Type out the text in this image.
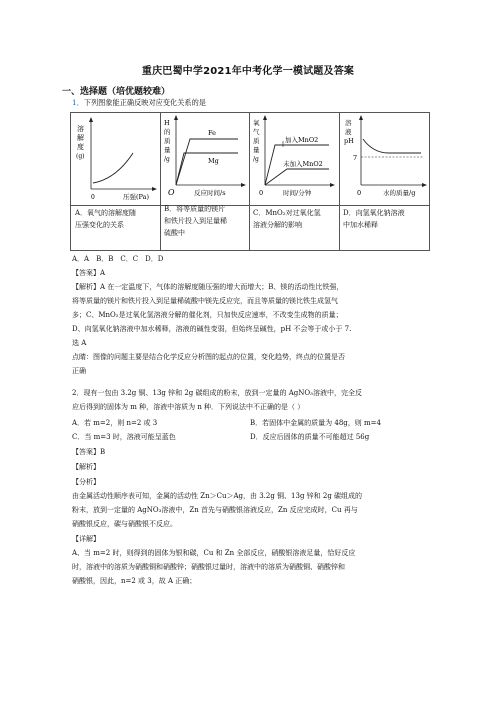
重庆巴蜀中学2021年中考化学一模试题及答案
一、选择题（培优题较难）
1．下列图象能正确反映对应变化关系的是
溶
解
度
(g)
0	压强(Pa)
Fe
Mg
H
的
质
量
/g
O	反应时间/s
加入MnO2
未加入MnO2
氧
气
质
量
/g
0	时间/分钟
溶
液
pH
7
0	水的质量/g
A．氧气的溶解度随
压强变化的关系
B．将等质量的镁片
和铁片投入到足量稀
硫酸中
C．MnO₂对过氧化氢
溶液分解的影响
D．向氢氧化钠溶液
中加水稀释
A．A　B．B　C．C　D．D
【答案】A
【解析】A 在一定温度下，气体的溶解度随压强的增大而增大；B、镁的活动性比铁强，
将等质量的镁片和铁片投入到足量稀硫酸中镁先反应完，而且等质量的镁比铁生成氢气
多；C、MnO₂是过氧化氢溶液分解的催化剂，只加快反应速率，不改变生成物的质量；
D、向氢氧化钠溶液中加水稀释，溶液的碱性变弱，但始终呈碱性，pH 不会等于或小于 7.
选 A
点睛：图像的问题主要是结合化学反应分析图的起点的位置，变化趋势，终点的位置是否
正确
2．现有一包由 3.2g 铜、13g 锌和 2g 碳组成的粉末，放到一定量的 AgNO₃溶液中，完全反
应后得到的固体为 m 种，溶液中溶质为 n 种．下列说法中不正确的是（ ）
A．若 m=2，则 n=2 或 3	B．若固体中金属的质量为 48g，则 m=4
C．当 m=3 时，溶液可能呈蓝色	D．反应后固体的质量不可能超过 56g
【答案】B
【解析】
【分析】
由金属活动性顺序表可知，金属的活动性 Zn＞Cu＞Ag，由 3.2g 铜、13g 锌和 2g 碳组成的
粉末，放到一定量的 AgNO₃溶液中，Zn 首先与硝酸银溶液反应，Zn 反应完成时，Cu 再与
硝酸银反应，碳与硝酸银不反应。
【详解】
A、当 m=2 时，则得到的固体为银和碳，Cu 和 Zn 全部反应，硝酸银溶液足量，恰好反应
时，溶液中的溶质为硝酸铜和硝酸锌；硝酸银过量时，溶液中的溶质为硝酸铜、硝酸锌和
硝酸银，因此，n=2 或 3，故 A 正确；
